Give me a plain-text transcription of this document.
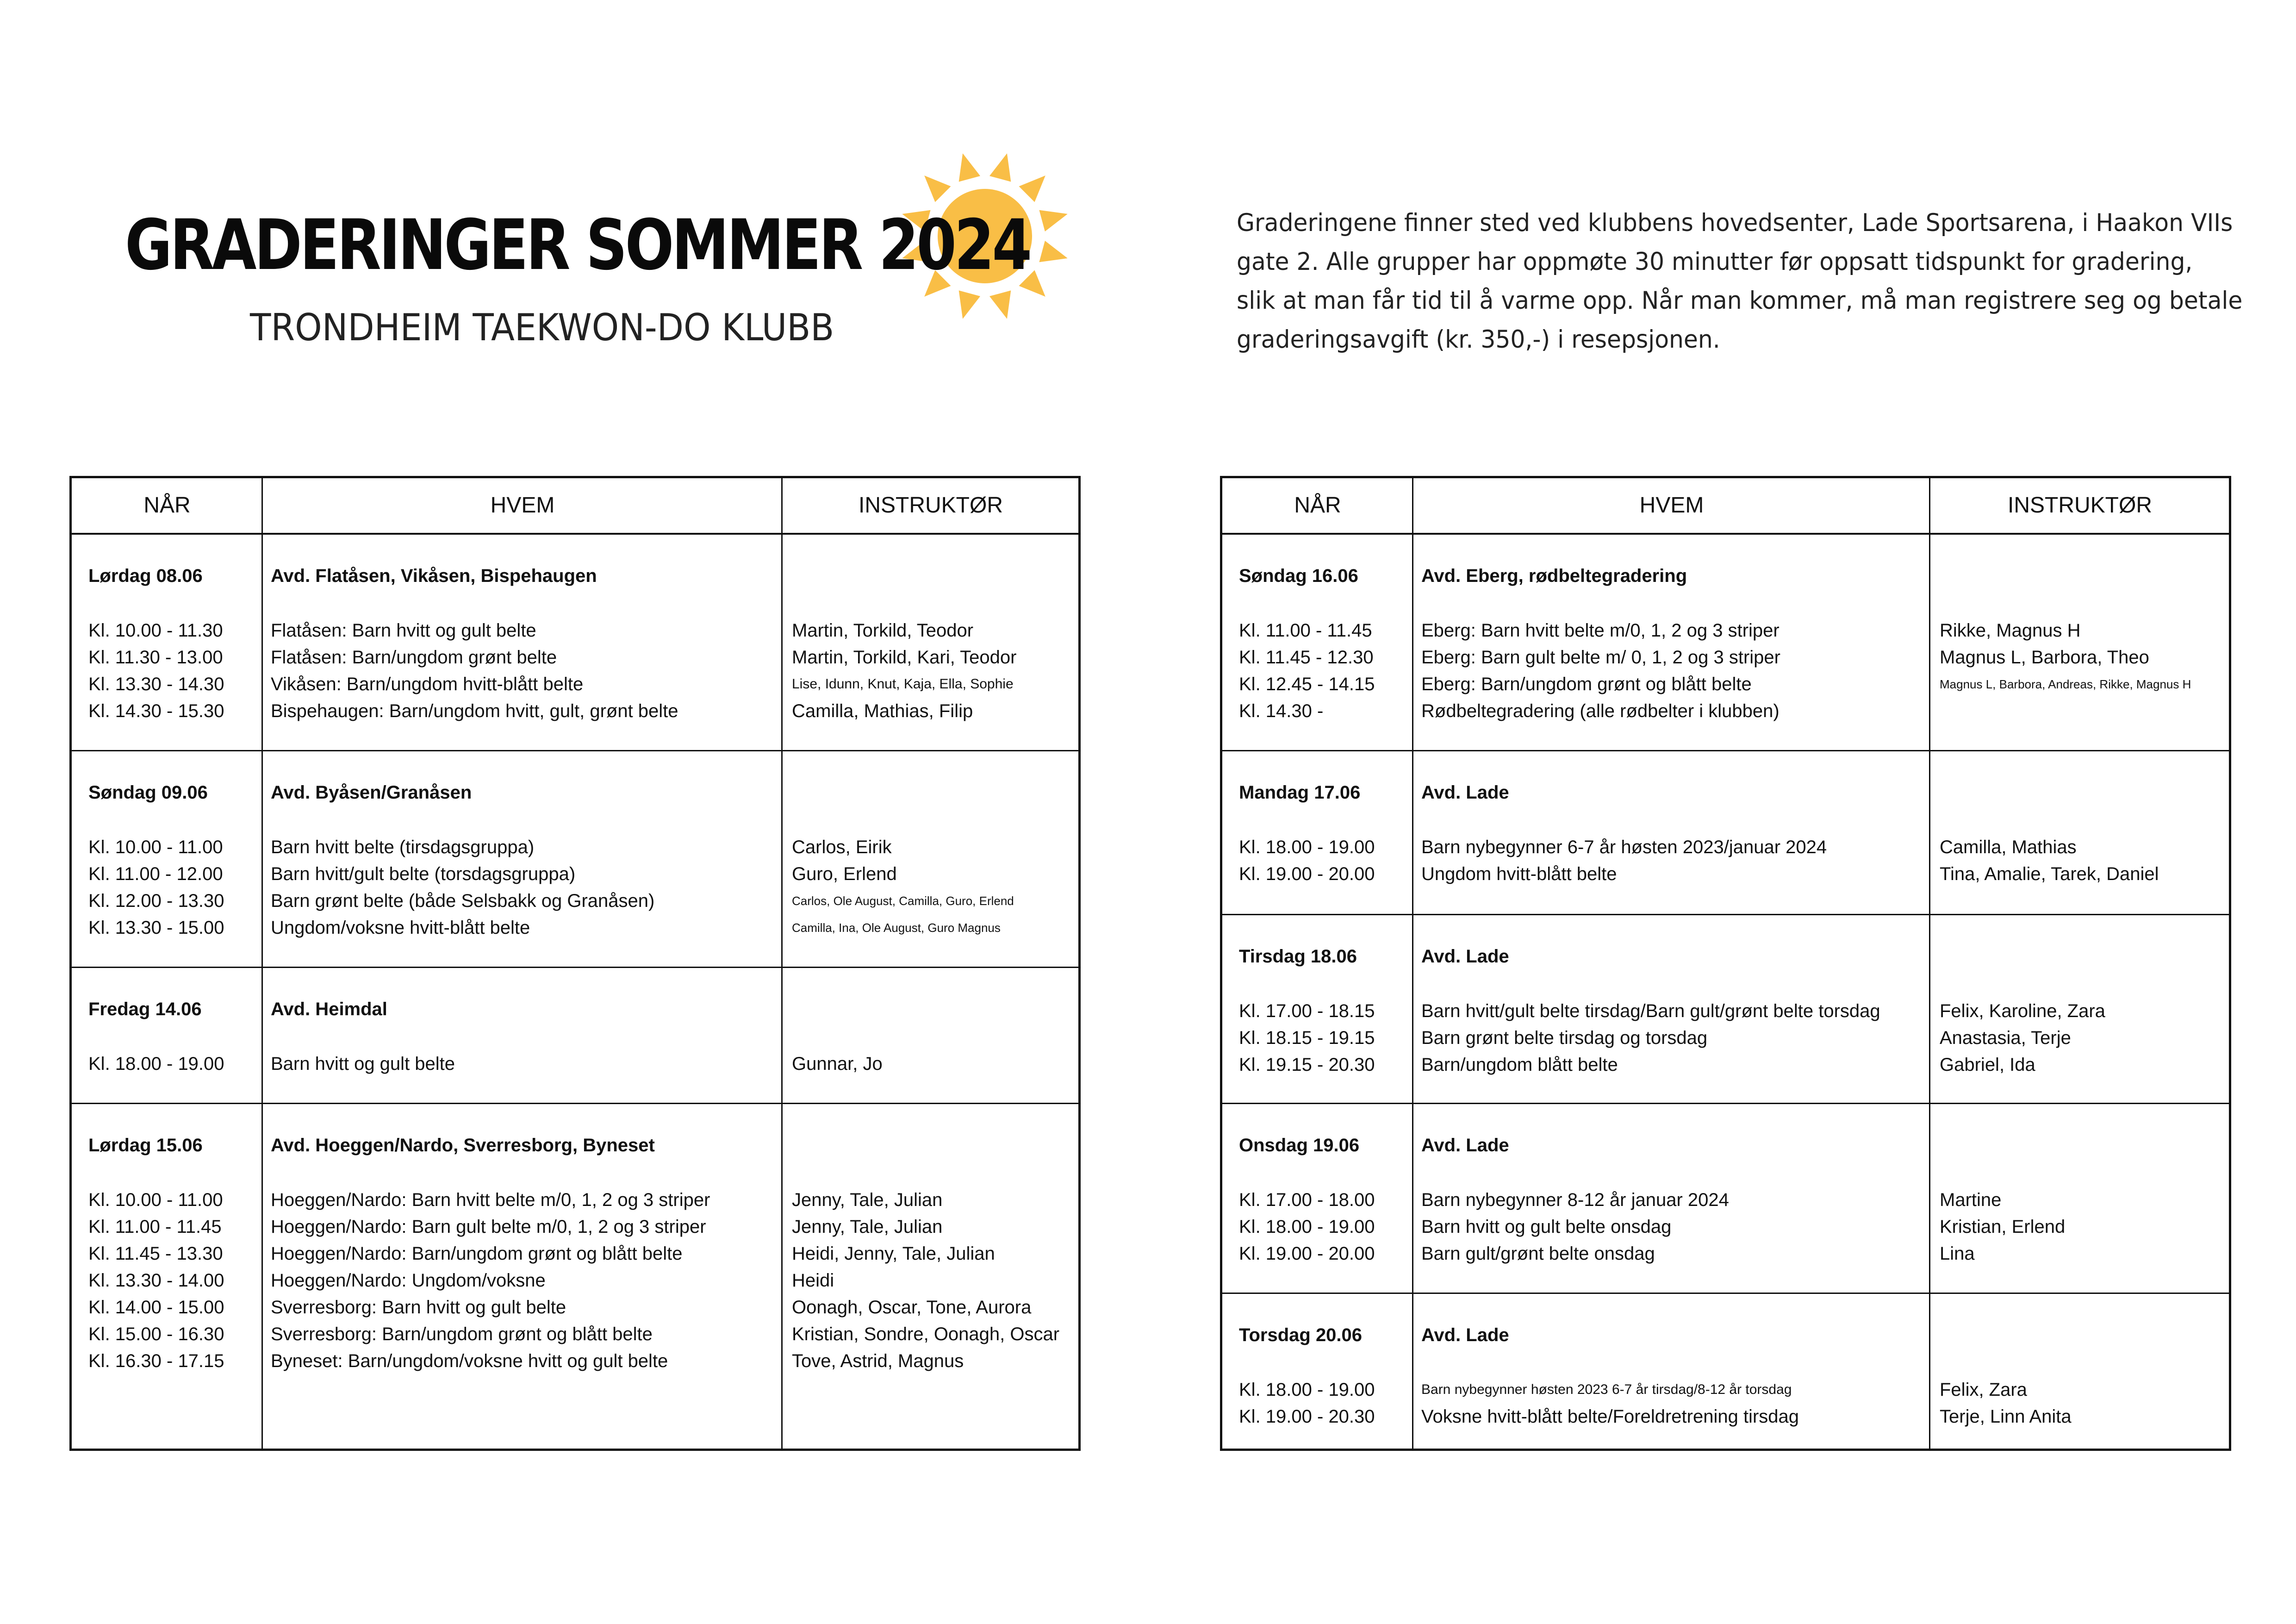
GRADERINGER SOMMER 2024
TRONDHEIM TAEKWON-DO KLUBB
Graderingene finner sted ved klubbens hovedsenter, Lade Sportsarena, i Haakon VIIs
gate 2. Alle grupper har oppmøte 30 minutter før oppsatt tidspunkt for gradering,
slik at man får tid til å varme opp. Når man kommer, må man registrere seg og betale
graderingsavgift (kr. 350,-) i resepsjonen.
NÅR	HVEM	INSTRUKTØR
Lørdag 08.06	Avd. Flatåsen, Vikåsen, Bispehaugen
Kl. 10.00 - 11.30	Flatåsen: Barn hvitt og gult belte	Martin, Torkild, Teodor
Kl. 11.30 - 13.00	Flatåsen: Barn/ungdom grønt belte	Martin, Torkild, Kari, Teodor
Kl. 13.30 - 14.30	Vikåsen: Barn/ungdom hvitt-blått belte	Lise, Idunn, Knut, Kaja, Ella, Sophie
Kl. 14.30 - 15.30	Bispehaugen: Barn/ungdom hvitt, gult, grønt belte	Camilla, Mathias, Filip
Søndag 09.06	Avd. Byåsen/Granåsen
Kl. 10.00 - 11.00	Barn hvitt belte (tirsdagsgruppa)	Carlos, Eirik
Kl. 11.00 - 12.00	Barn hvitt/gult belte (torsdagsgruppa)	Guro, Erlend
Kl. 12.00 - 13.30	Barn grønt belte (både Selsbakk og Granåsen)	Carlos, Ole August, Camilla, Guro, Erlend
Kl. 13.30 - 15.00	Ungdom/voksne hvitt-blått belte	Camilla, Ina, Ole August, Guro Magnus
Fredag 14.06	Avd. Heimdal
Kl. 18.00 - 19.00	Barn hvitt og gult belte	Gunnar, Jo
Lørdag 15.06	Avd. Hoeggen/Nardo, Sverresborg, Byneset
Kl. 10.00 - 11.00	Hoeggen/Nardo: Barn hvitt belte m/0, 1, 2 og 3 striper	Jenny, Tale, Julian
Kl. 11.00 - 11.45	Hoeggen/Nardo: Barn gult belte m/0, 1, 2 og 3 striper	Jenny, Tale, Julian
Kl. 11.45 - 13.30	Hoeggen/Nardo: Barn/ungdom grønt og blått belte	Heidi, Jenny, Tale, Julian
Kl. 13.30 - 14.00	Hoeggen/Nardo: Ungdom/voksne	Heidi
Kl. 14.00 - 15.00	Sverresborg: Barn hvitt og gult belte	Oonagh, Oscar, Tone, Aurora
Kl. 15.00 - 16.30	Sverresborg: Barn/ungdom grønt og blått belte	Kristian, Sondre, Oonagh, Oscar
Kl. 16.30 - 17.15	Byneset: Barn/ungdom/voksne hvitt og gult belte	Tove, Astrid, Magnus
NÅR	HVEM	INSTRUKTØR
Søndag 16.06	Avd. Eberg, rødbeltegradering
Kl. 11.00 - 11.45	Eberg: Barn hvitt belte m/0, 1, 2 og 3 striper	Rikke, Magnus H
Kl. 11.45 - 12.30	Eberg: Barn gult belte m/ 0, 1, 2 og 3 striper	Magnus L, Barbora, Theo
Kl. 12.45 - 14.15	Eberg: Barn/ungdom grønt og blått belte	Magnus L, Barbora, Andreas, Rikke, Magnus H
Kl. 14.30 -	Rødbeltegradering (alle rødbelter i klubben)
Mandag 17.06	Avd. Lade
Kl. 18.00 - 19.00	Barn nybegynner 6-7 år høsten 2023/januar 2024	Camilla, Mathias
Kl. 19.00 - 20.00	Ungdom hvitt-blått belte	Tina, Amalie, Tarek, Daniel
Tirsdag 18.06	Avd. Lade
Kl. 17.00 - 18.15	Barn hvitt/gult belte tirsdag/Barn gult/grønt belte torsdag	Felix, Karoline, Zara
Kl. 18.15 - 19.15	Barn grønt belte tirsdag og torsdag	Anastasia, Terje
Kl. 19.15 - 20.30	Barn/ungdom blått belte	Gabriel, Ida
Onsdag 19.06	Avd. Lade
Kl. 17.00 - 18.00	Barn nybegynner 8-12 år januar 2024	Martine
Kl. 18.00 - 19.00	Barn hvitt og gult belte onsdag	Kristian, Erlend
Kl. 19.00 - 20.00	Barn gult/grønt belte onsdag	Lina
Torsdag 20.06	Avd. Lade
Kl. 18.00 - 19.00	Barn nybegynner høsten 2023 6-7 år tirsdag/8-12 år torsdag	Felix, Zara
Kl. 19.00 - 20.30	Voksne hvitt-blått belte/Foreldretrening tirsdag	Terje, Linn Anita
